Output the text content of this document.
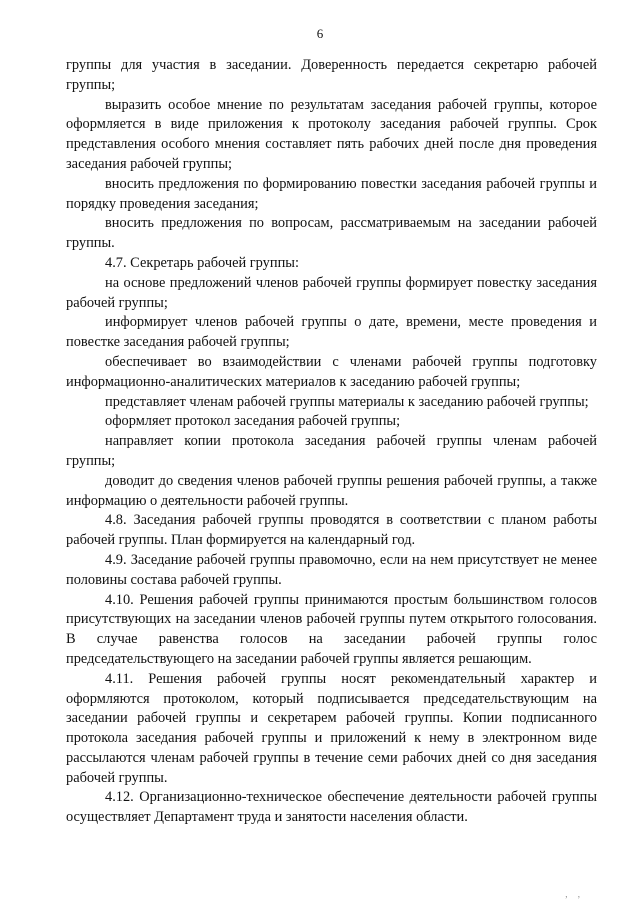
6

группы для участия в заседании. Доверенность передается секретарю рабочей группы;

выразить особое мнение по результатам заседания рабочей группы, которое оформляется в виде приложения к протоколу заседания рабочей группы. Срок представления особого мнения составляет пять рабочих дней после дня проведения заседания рабочей группы;

вносить предложения по формированию повестки заседания рабочей группы и порядку проведения заседания;

вносить предложения по вопросам, рассматриваемым на заседании рабочей группы.

4.7. Секретарь рабочей группы:

на основе предложений членов рабочей группы формирует повестку заседания рабочей группы;

информирует членов рабочей группы о дате, времени, месте проведения и повестке заседания рабочей группы;

обеспечивает во взаимодействии с членами рабочей группы подготовку информационно-аналитических материалов к заседанию рабочей группы;

представляет членам рабочей группы материалы к заседанию рабочей группы;

оформляет протокол заседания рабочей группы;

направляет копии протокола заседания рабочей группы членам рабочей группы;

доводит до сведения членов рабочей группы решения рабочей группы, а также информацию о деятельности рабочей группы.

4.8. Заседания рабочей группы проводятся в соответствии с планом работы рабочей группы. План формируется на календарный год.

4.9. Заседание рабочей группы правомочно, если на нем присутствует не менее половины состава рабочей группы.

4.10. Решения рабочей группы принимаются простым большинством голосов присутствующих на заседании членов рабочей группы путем открытого голосования. В случае равенства голосов на заседании рабочей группы голос председательствующего на заседании рабочей группы является решающим.

4.11. Решения рабочей группы носят рекомендательный характер и оформляются протоколом, который подписывается председательствующим на заседании рабочей группы и секретарем рабочей группы. Копии подписанного протокола заседания рабочей группы и приложений к нему в электронном виде рассылаются членам рабочей группы в течение семи рабочих дней со дня заседания рабочей группы.

4.12. Организационно-техническое обеспечение деятельности рабочей группы осуществляет Департамент труда и занятости населения области.

, ,
